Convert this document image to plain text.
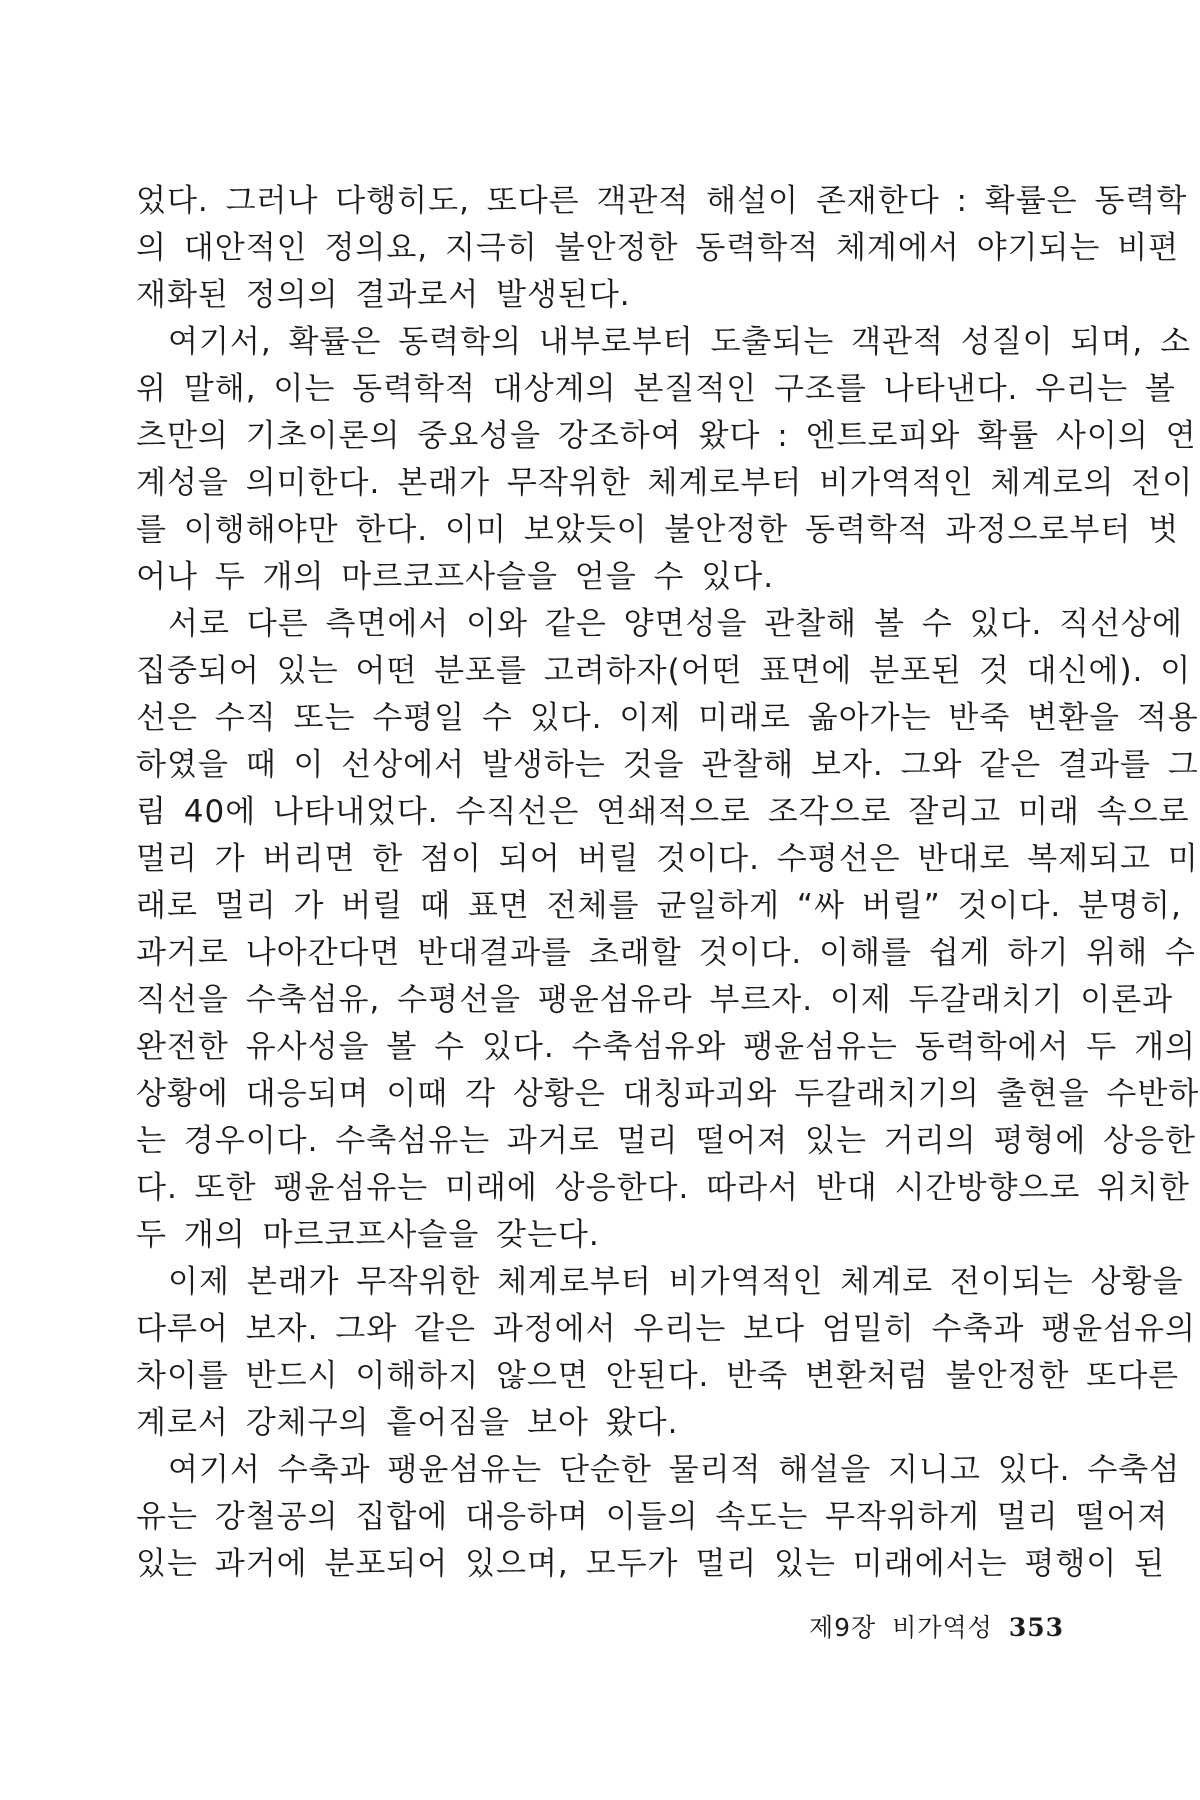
었다. 그러나 다행히도, 또다른 객관적 해설이 존재한다 : 확률은 동력학
의 대안적인 정의요, 지극히 불안정한 동력학적 체계에서 야기되는 비편
재화된 정의의 결과로서 발생된다.
여기서, 확률은 동력학의 내부로부터 도출되는 객관적 성질이 되며, 소
위 말해, 이는 동력학적 대상계의 본질적인 구조를 나타낸다. 우리는 볼
츠만의 기초이론의 중요성을 강조하여 왔다 : 엔트로피와 확률 사이의 연
계성을 의미한다. 본래가 무작위한 체계로부터 비가역적인 체계로의 전이
를 이행해야만 한다. 이미 보았듯이 불안정한 동력학적 과정으로부터 벗
어나 두 개의 마르코프사슬을 얻을 수 있다.
서로 다른 측면에서 이와 같은 양면성을 관찰해 볼 수 있다. 직선상에
집중되어 있는 어떤 분포를 고려하자(어떤 표면에 분포된 것 대신에). 이
선은 수직 또는 수평일 수 있다. 이제 미래로 옮아가는 반죽 변환을 적용
하였을 때 이 선상에서 발생하는 것을 관찰해 보자. 그와 같은 결과를 그
림 40에 나타내었다. 수직선은 연쇄적으로 조각으로 잘리고 미래 속으로
멀리 가 버리면 한 점이 되어 버릴 것이다. 수평선은 반대로 복제되고 미
래로 멀리 가 버릴 때 표면 전체를 균일하게 “싸 버릴” 것이다. 분명히,
과거로 나아간다면 반대결과를 초래할 것이다. 이해를 쉽게 하기 위해 수
직선을 수축섬유, 수평선을 팽윤섬유라 부르자. 이제 두갈래치기 이론과
완전한 유사성을 볼 수 있다. 수축섬유와 팽윤섬유는 동력학에서 두 개의
상황에 대응되며 이때 각 상황은 대칭파괴와 두갈래치기의 출현을 수반하
는 경우이다. 수축섬유는 과거로 멀리 떨어져 있는 거리의 평형에 상응한
다. 또한 팽윤섬유는 미래에 상응한다. 따라서 반대 시간방향으로 위치한
두 개의 마르코프사슬을 갖는다.
이제 본래가 무작위한 체계로부터 비가역적인 체계로 전이되는 상황을
다루어 보자. 그와 같은 과정에서 우리는 보다 엄밀히 수축과 팽윤섬유의
차이를 반드시 이해하지 않으면 안된다. 반죽 변환처럼 불안정한 또다른
계로서 강체구의 흩어짐을 보아 왔다.
여기서 수축과 팽윤섬유는 단순한 물리적 해설을 지니고 있다. 수축섬
유는 강철공의 집합에 대응하며 이들의 속도는 무작위하게 멀리 떨어져
있는 과거에 분포되어 있으며, 모두가 멀리 있는 미래에서는 평행이 된
제9장 비가역성 353
